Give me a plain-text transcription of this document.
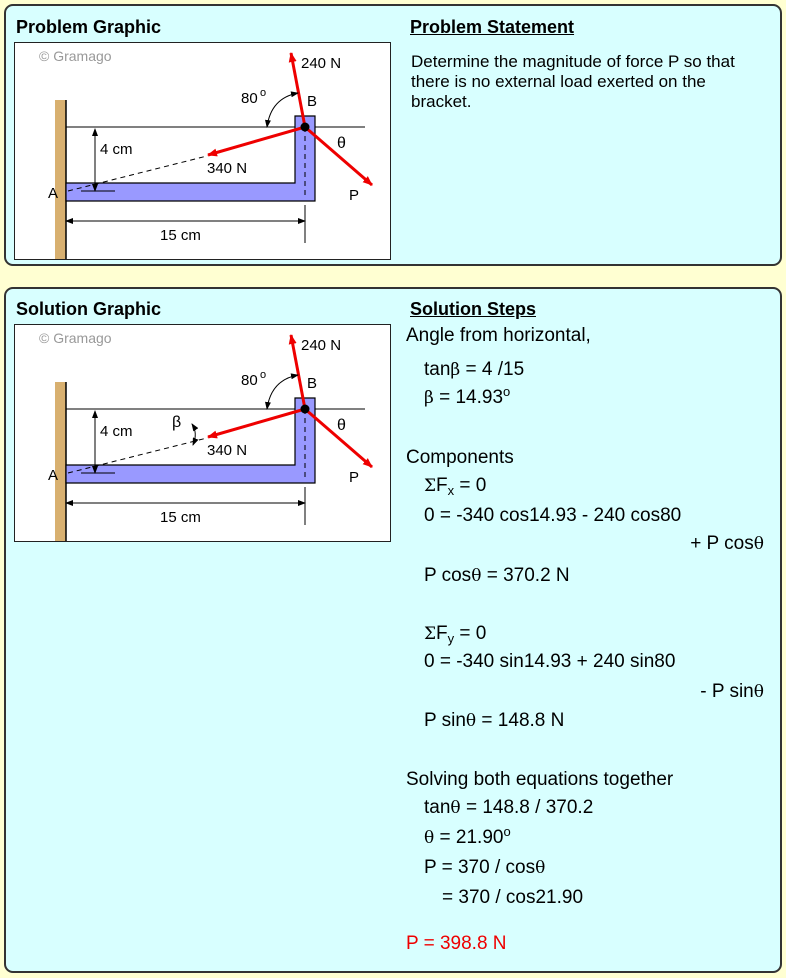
Problem Graphic	Problem Statement
© Gramago
4 cm
15 cm
A
240 N
80 o	B
θ
340 N
P
Determine the magnitude of force P so that there is no external load exerted on the bracket.
Solution Graphic	Solution Steps
© Gramago
4 cm
15 cm
A
240 N
80 o	B
θ
340 N
P
β
Angle from horizontal,
tanβ = 4 /15
$\beta = 14.93^o$
Components
$\Sigma F_x = 0$
0 = -340 cos14.93 - 240 cos80
+ P cosθ
P cosθ = 370.2 N
$\Sigma F_y = 0$
0 = -340 sin14.93 + 240 sin80
- P sinθ
P sinθ = 148.8 N
Solving both equations together
tanθ = 148.8 / 370.2
$\theta = 21.90^o$
P = 370 / cosθ
= 370 / cos21.90
P = 398.8 N
